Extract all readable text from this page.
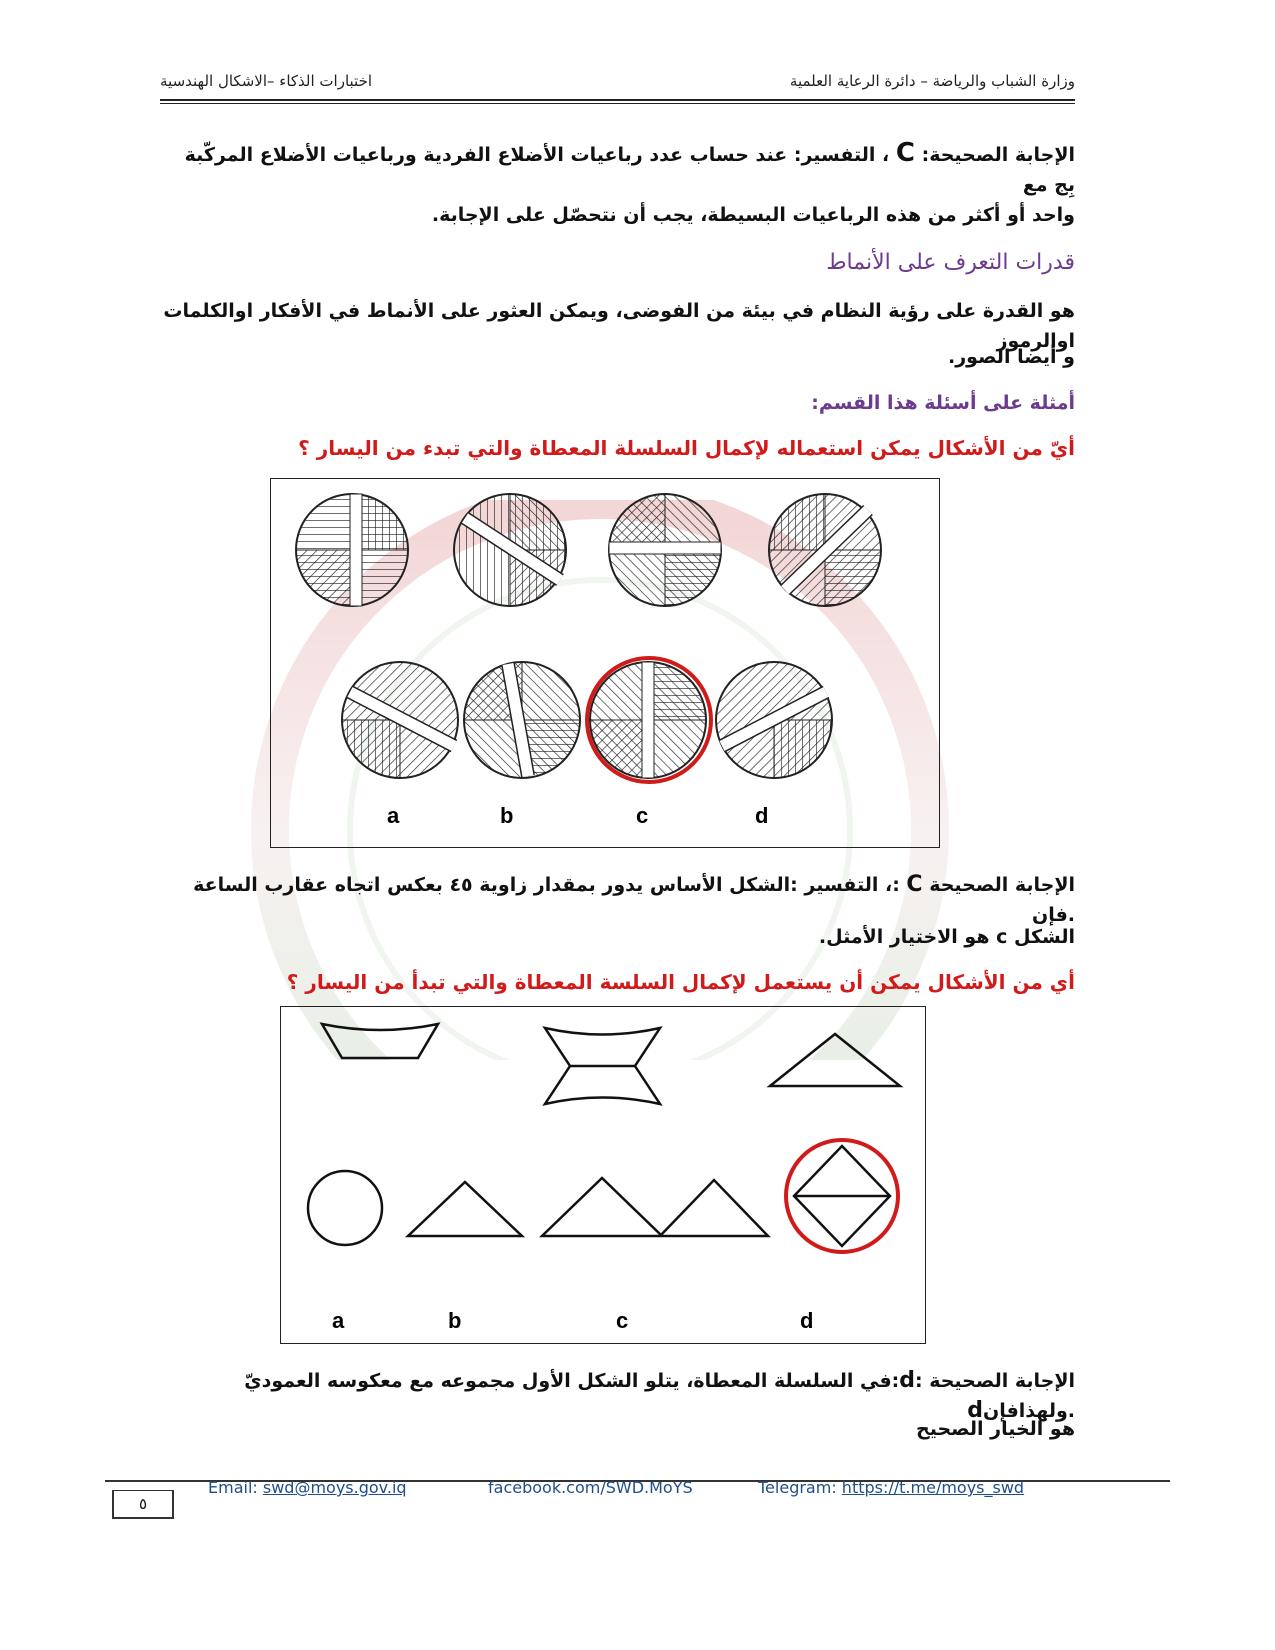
وزارة الشباب والرياضة – دائرة الرعاية العلمية
اختبارات الذكاء –الاشكال الهندسية
الإجابة الصحيحة: C ، التفسير: عند حساب عدد رباعيات الأضلاع الفردية ورباعيات الأضلاع المركّبة بِج مع
واحد أو أكثر من هذه الرباعيات البسيطة، يجب أن نتحصّل على الإجابة.
قدرات التعرف على الأنماط
هو القدرة على رؤية النظام في بيئة من الفوضى، ويمكن العثور على الأنماط في الأفكار اوالكلمات اوالرموز
و أيضا الصور.
أمثلة على أسئلة هذا القسم:
أيّ من الأشكال يمكن استعماله لإكمال السلسلة المعطاة والتي تبدء من اليسار ؟
a	b	c	d
الإجابة الصحيحة C :، التفسير :الشكل الأساس يدور بمقدار زاوية ٤٥ بعكس اتجاه عقارب الساعة .فإن
الشكل c هو الاختيار الأمثل.
أي من الأشكال يمكن أن يستعمل لإكمال السلسة المعطاة والتي تبدأ من اليسار ؟
a	b	c	d
الإجابة الصحيحة :d:في السلسلة المعطاة، يتلو الشكل الأول مجموعه مع معكوسه العموديّ .ولهذافإنd
هو الخيار الصحيح
٥
Email: swd@moys.gov.iq	facebook.com/SWD.MoYS	Telegram: https://t.me/moys_swd
